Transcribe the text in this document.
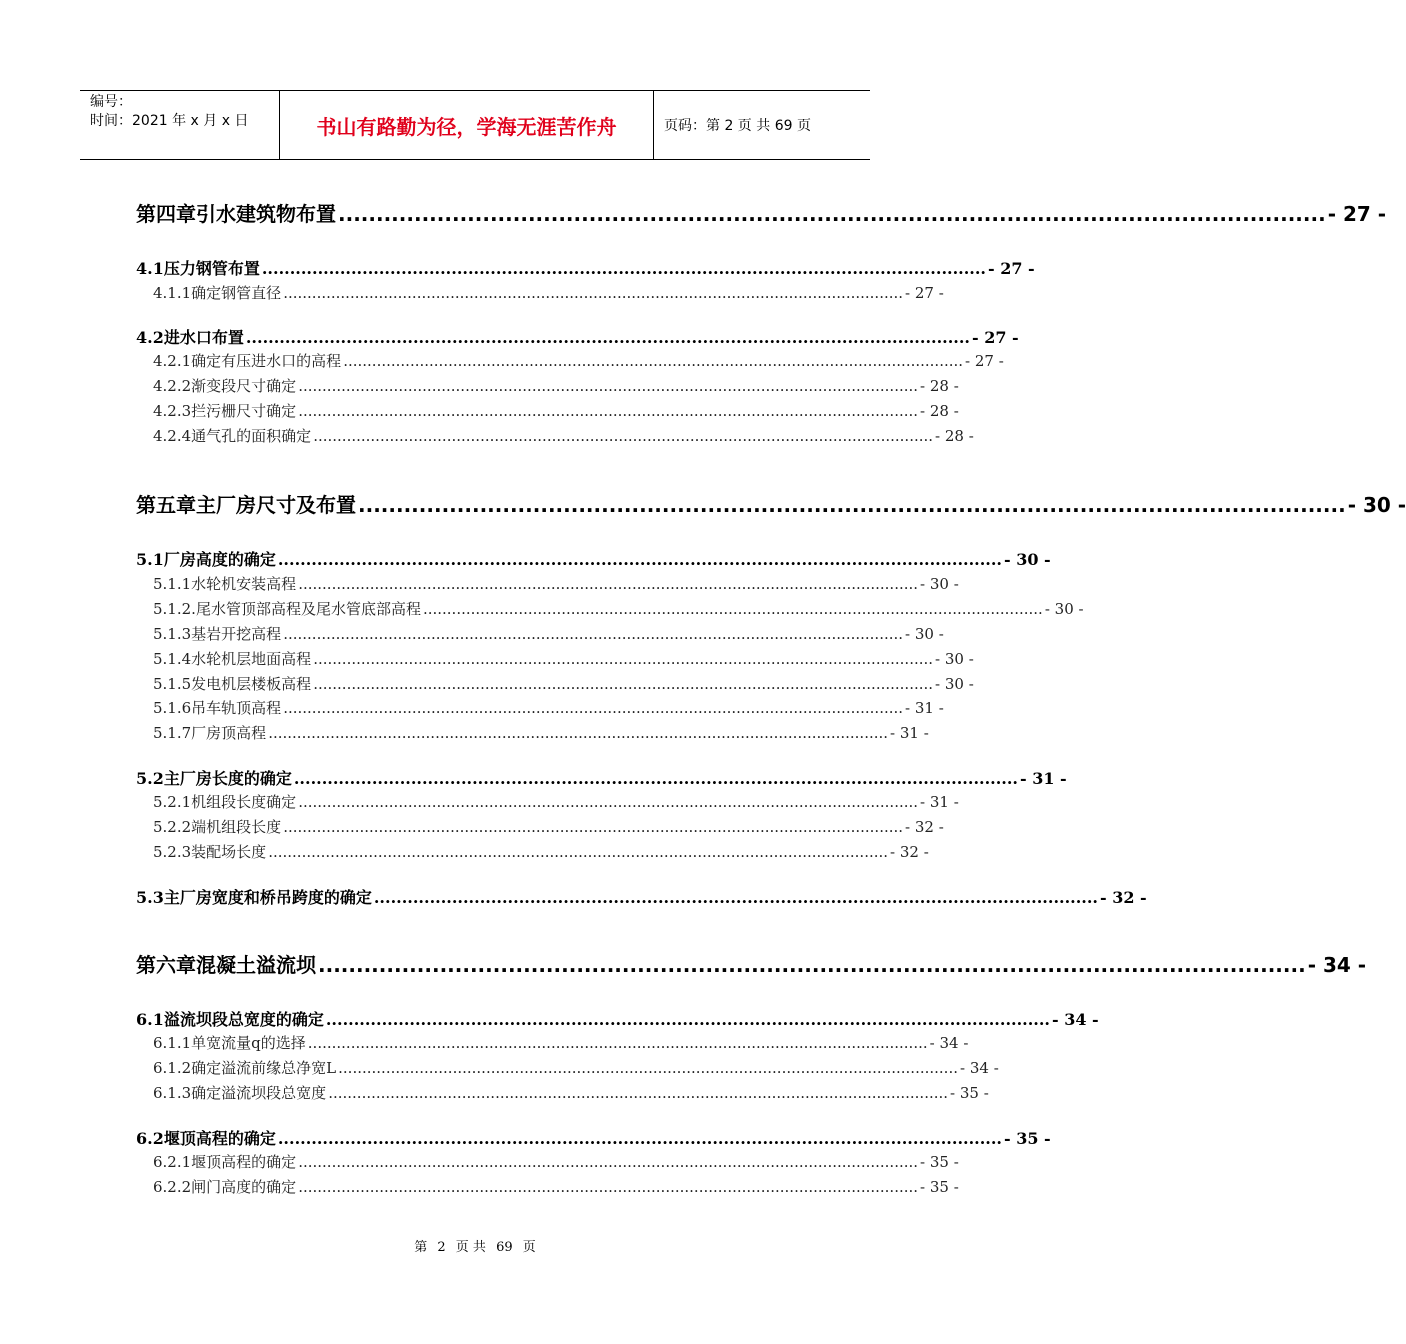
编号：
时间：2021 年 x 月 x 日	书山有路勤为径，学海无涯苦作舟	页码：第 2 页 共 69 页
第四章 引水建筑物布置 .................................................................................................................................. - 27 -
4.1 压力钢管布置 .................................................................................................................................. - 27 -
4.1.1 确定钢管直径 .................................................................................................................................. - 27 -
4.2 进水口布置 .................................................................................................................................. - 27 -
4.2.1 确定有压进水口的高程 .................................................................................................................................. - 27 -
4.2.2 渐变段尺寸确定 .................................................................................................................................. - 28 -
4.2.3 拦污栅尺寸确定 .................................................................................................................................. - 28 -
4.2.4 通气孔的面积确定 .................................................................................................................................. - 28 -
第五章 主厂房尺寸及布置 .................................................................................................................................. - 30 -
5.1 厂房高度的确定 .................................................................................................................................. - 30 -
5.1.1 水轮机安装高程 .................................................................................................................................. - 30 -
5.1.2. 尾水管顶部高程及尾水管底部高程 .................................................................................................................................. - 30 -
5.1.3 基岩开挖高程 .................................................................................................................................. - 30 -
5.1.4 水轮机层地面高程 .................................................................................................................................. - 30 -
5.1.5 发电机层楼板高程 .................................................................................................................................. - 30 -
5.1.6 吊车轨顶高程 .................................................................................................................................. - 31 -
5.1.7 厂房顶高程 .................................................................................................................................. - 31 -
5.2 主厂房长度的确定 .................................................................................................................................. - 31 -
5.2.1 机组段长度确定 .................................................................................................................................. - 31 -
5.2.2 端机组段长度 .................................................................................................................................. - 32 -
5.2.3 装配场长度 .................................................................................................................................. - 32 -
5.3 主厂房宽度和桥吊跨度的确定 .................................................................................................................................. - 32 -
第六章 混凝土溢流坝 .................................................................................................................................. - 34 -
6.1 溢流坝段总宽度的确定 .................................................................................................................................. - 34 -
6.1.1 单宽流量q的选择 .................................................................................................................................. - 34 -
6.1.2 确定溢流前缘总净宽L .................................................................................................................................. - 34 -
6.1.3 确定溢流坝段总宽度 .................................................................................................................................. - 35 -
6.2 堰顶高程的确定 .................................................................................................................................. - 35 -
6.2.1 堰顶高程的确定 .................................................................................................................................. - 35 -
6.2.2 闸门高度的确定 .................................................................................................................................. - 35 -
第 2 页 共 69 页
